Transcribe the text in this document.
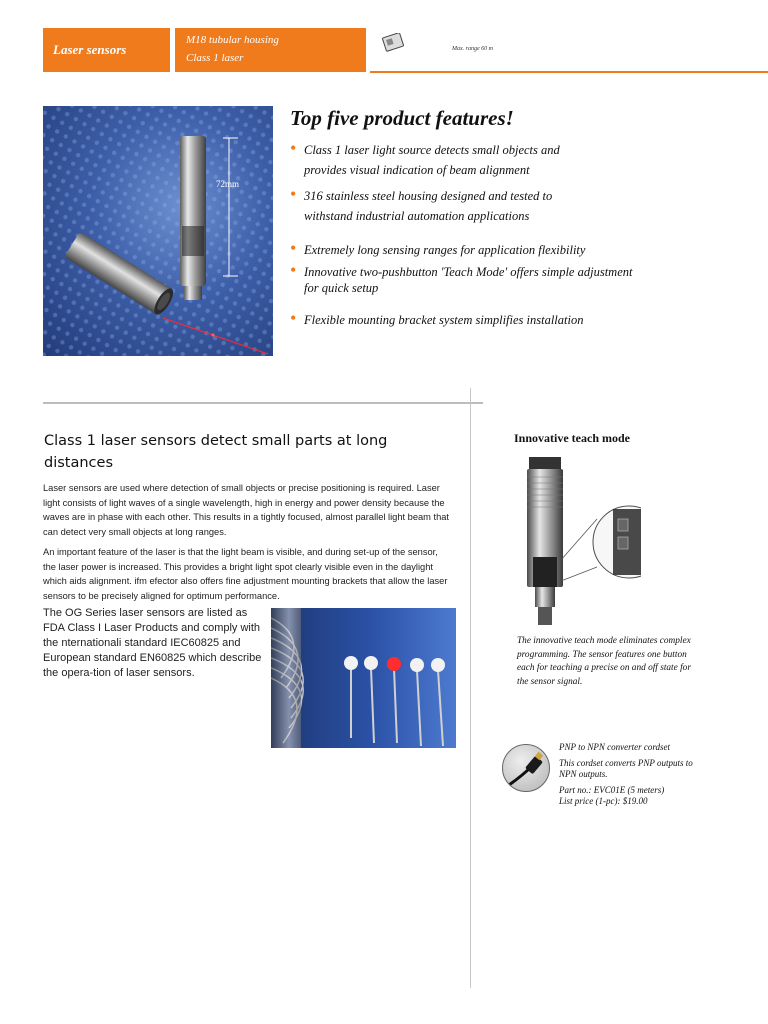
Laser sensors
M18 tubular housing
Class 1 laser
Max. range 60 m
72mm
Top five product features!
• Class 1 laser light source detects small objects and provides visual indication of beam alignment
• 316 stainless steel housing designed and tested to withstand industrial automation applications
• Extremely long sensing ranges for application flexibility
• Innovative two-pushbutton 'Teach Mode' offers simple adjustment for quick setup
• Flexible mounting bracket system simplifies installation
Class 1 laser sensors detect small parts at long distances

Laser sensors are used where detection of small objects or precise positioning is required. Laser light consists of light waves of a single wavelength, high in energy and power density because the waves are in phase with each other. This results in a tightly focused, almost parallel light beam that can detect very small objects at long ranges.

An important feature of the laser is that the light beam is visible, and during set-up of the sensor, the laser power is increased. This provides a bright light spot clearly visible even in the daylight which aids alignment. ifm efector also offers fine adjustment mounting brackets that allow the laser sensors to be precisely aligned for optimum performance.

The OG Series laser sensors are listed as FDA Class I Laser Products and comply with the nternationali standard IEC60825 and European standard EN60825 which describe the opera-tion of laser sensors.

Innovative teach mode
The innovative teach mode eliminates complex programming. The sensor features one button each for teaching a precise on and off state for the sensor signal.
PNP to NPN converter cordset
This cordset converts PNP outputs to NPN outputs.
Part no.: EVC01E (5 meters)
List price (1-pc): $19.00
